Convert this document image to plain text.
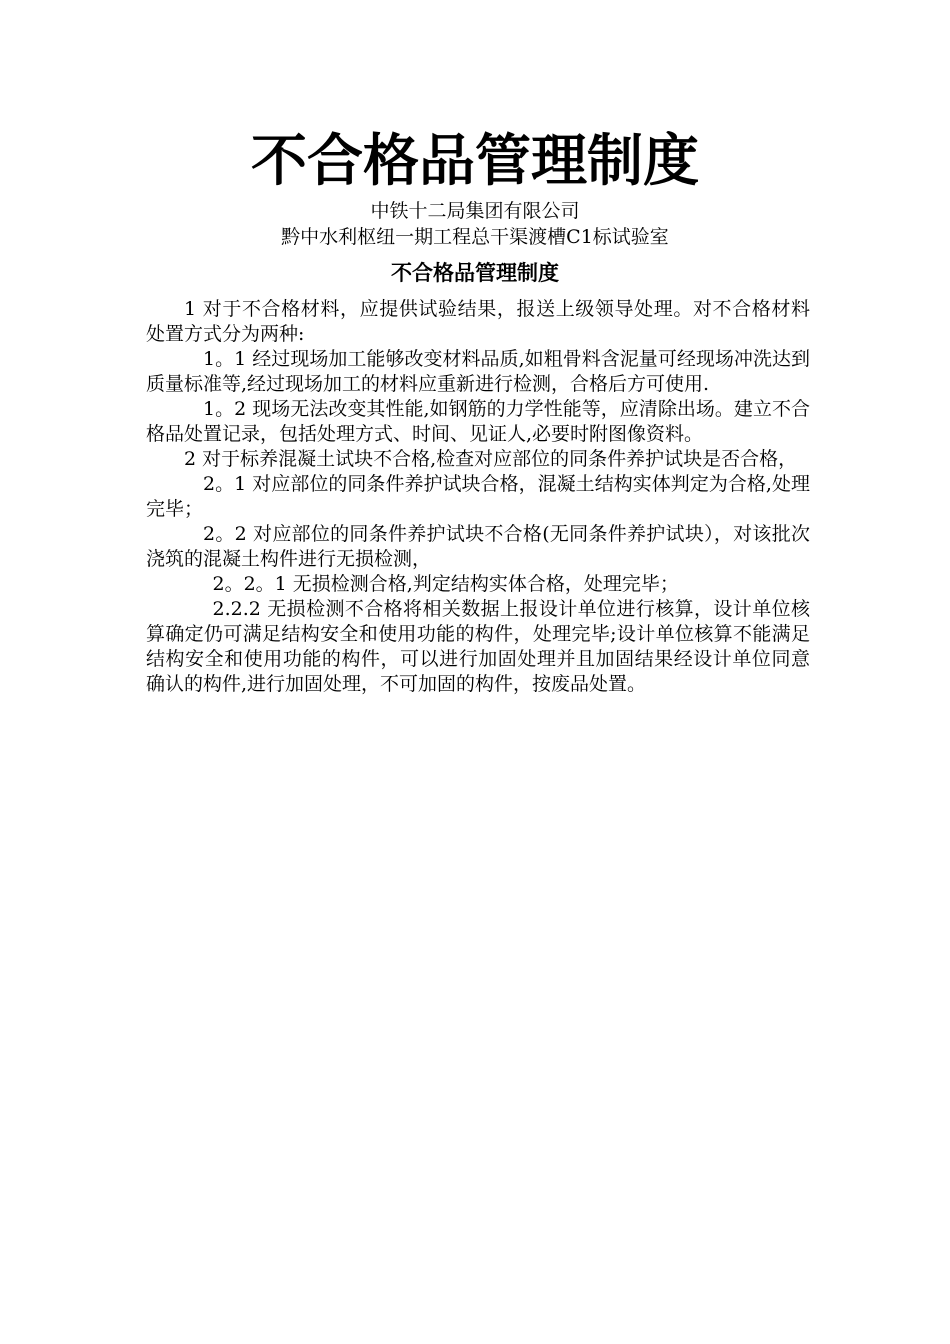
不合格品管理制度

中铁十二局集团有限公司

黔中水利枢纽一期工程总干渠渡槽C1标试验室

不合格品管理制度

1 对于不合格材料，应提供试验结果，报送上级领导处理。对不合格材料处置方式分为两种:

1。1 经过现场加工能够改变材料品质,如粗骨料含泥量可经现场冲洗达到质量标准等,经过现场加工的材料应重新进行检测，合格后方可使用.

1。2 现场无法改变其性能,如钢筋的力学性能等，应清除出场。建立不合格品处置记录，包括处理方式、时间、见证人,必要时附图像资料。

2 对于标养混凝土试块不合格,检查对应部位的同条件养护试块是否合格，

2。1 对应部位的同条件养护试块合格，混凝土结构实体判定为合格,处理完毕；

2。2 对应部位的同条件养护试块不合格(无同条件养护试块），对该批次浇筑的混凝土构件进行无损检测，

2。2。1 无损检测合格,判定结构实体合格，处理完毕；

2.2.2 无损检测不合格将相关数据上报设计单位进行核算，设计单位核算确定仍可满足结构安全和使用功能的构件，处理完毕;设计单位核算不能满足结构安全和使用功能的构件，可以进行加固处理并且加固结果经设计单位同意确认的构件,进行加固处理，不可加固的构件，按废品处置。
